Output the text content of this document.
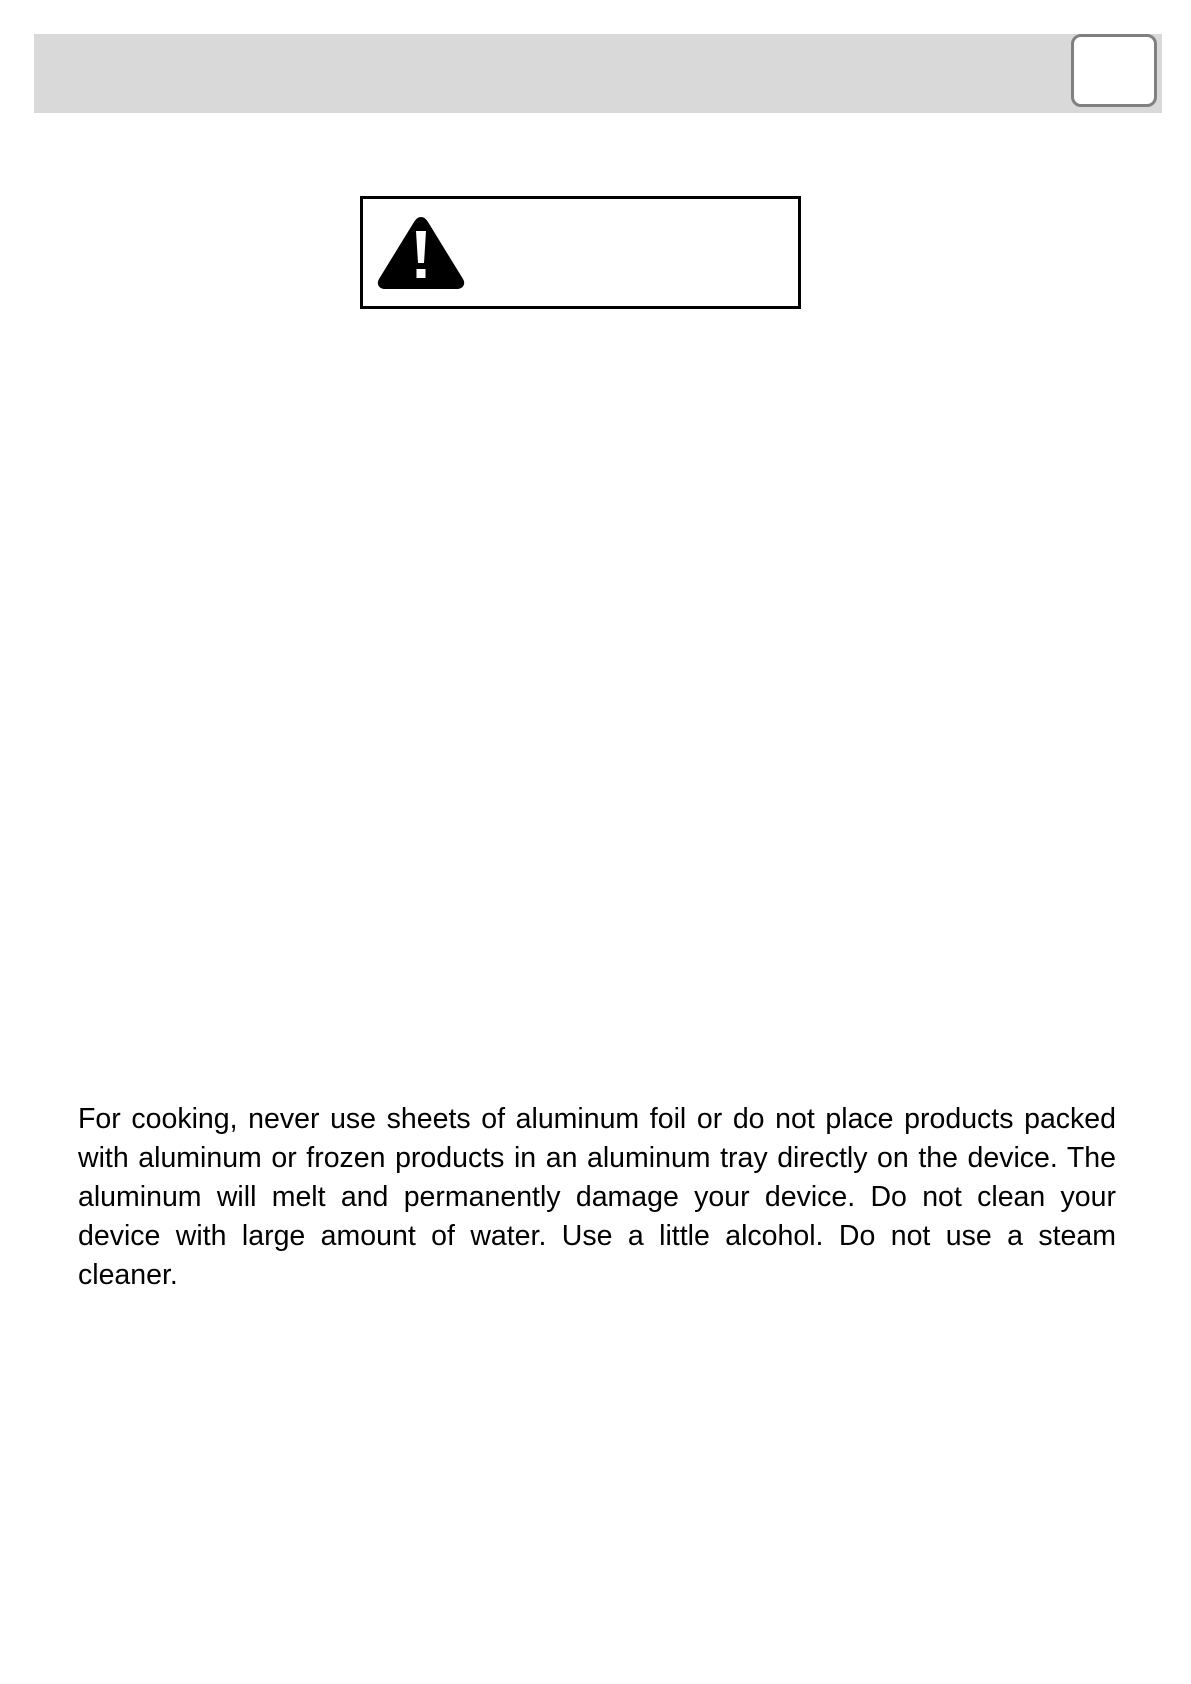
For cooking, never use sheets of aluminum foil or do not place products packed with aluminum or frozen products in an aluminum tray directly on the device. The aluminum will melt and permanently damage your device. Do not clean your device with large amount of water. Use a little alcohol. Do not use a steam cleaner.
